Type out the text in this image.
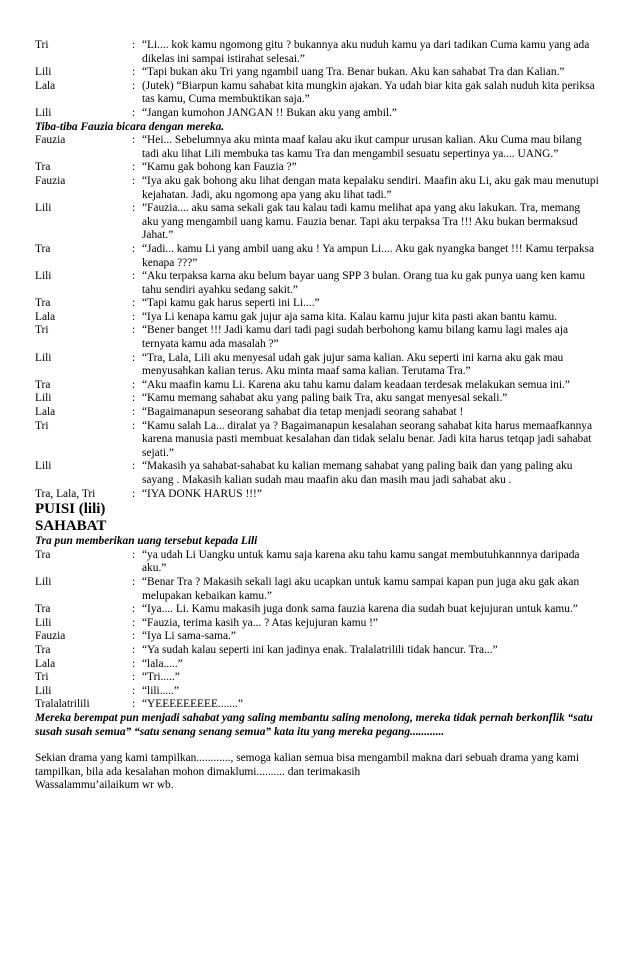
Tri	: “Li.... kok kamu ngomong gitu ? bukannya aku nuduh kamu ya dari tadikan Cuma kamu yang ada dikelas ini sampai istirahat selesai.”
Lili	: “Tapi bukan aku Tri yang ngambil uang Tra. Benar bukan. Aku kan sahabat Tra dan Kalian.”
Lala	: (Jutek) “Biarpun kamu sahabat kita mungkin ajakan. Ya udah biar kita gak salah nuduh kita periksa tas kamu, Cuma membuktikan saja.”
Lili	: “Jangan kumohon JANGAN !! Bukan aku yang ambil.”
Tiba-tiba Fauzia bicara dengan mereka.
Fauzia	: “Hei... Sebelumnya aku minta maaf kalau aku ikut campur urusan kalian. Aku Cuma mau bilang tadi aku lihat Lili membuka tas kamu Tra dan mengambil sesuatu sepertinya ya.... UANG.”
Tra	: “Kamu gak bohong kan Fauzia ?”
Fauzia	: “Iya aku gak bohong aku lihat dengan mata kepalaku sendiri. Maafin aku Li, aku gak mau menutupi kejahatan. Jadi, aku ngomong apa yang aku lihat tadi.”
Lili	: ”Fauzia.... aku sama sekali gak tau kalau tadi kamu melihat apa yang aku lakukan. Tra, memang aku yang mengambil uang kamu. Fauzia benar. Tapi aku terpaksa Tra !!! Aku bukan bermaksud Jahat.”
Tra	: “Jadi... kamu Li yang ambil uang aku ! Ya ampun Li.... Aku gak nyangka banget !!! Kamu terpaksa kenapa ???”
Lili	: “Aku terpaksa karna aku belum bayar uang SPP 3 bulan. Orang tua ku gak punya uang ken kamu tahu sendiri ayahku sedang sakit.”
Tra	: “Tapi kamu gak harus seperti ini Li....”
Lala	: “Iya Li kenapa kamu gak jujur aja sama kita. Kalau kamu jujur kita pasti akan bantu kamu.
Tri	: “Bener banget !!! Jadi kamu dari tadi pagi sudah berbohong kamu bilang kamu lagi males aja ternyata kamu ada masalah ?”
Lili	: “Tra, Lala, Lili aku menyesal udah gak jujur sama kalian. Aku seperti ini karna aku gak mau menyusahkan kalian terus. Aku minta maaf sama kalian. Terutama Tra.”
Tra	: “Aku maafin kamu Li. Karena aku tahu kamu dalam keadaan terdesak melakukan semua ini.”
Lili	: “Kamu memang sahabat aku yang paling baik Tra, aku sangat menyesal sekali.”
Lala	: “Bagaimanapun seseorang sahabat dia tetap menjadi seorang sahabat !
Tri	: “Kamu salah La... diralat ya ? Bagaimanapun kesalahan seorang sahabat kita harus memaafkannya karena manusia pasti membuat kesalahan dan tidak selalu benar. Jadi kita harus tetqap jadi sahabat sejati.”
Lili	: “Makasih ya sahabat-sahabat ku kalian memang sahabat yang paling baik dan yang paling aku sayang . Makasih kalian sudah mau maafin aku dan masih mau jadi sahabat aku .
Tra, Lala, Tri	: “IYA DONK HARUS !!!”
PUISI (lili)
SAHABAT
Tra pun memberikan uang tersebut kepada Lili
Tra	: “ya udah Li Uangku untuk kamu saja karena aku tahu kamu sangat membutuhkannnya daripada aku.”
Lili	: “Benar Tra ? Makasih sekali lagi aku ucapkan untuk kamu sampai kapan pun juga aku gak akan melupakan kebaikan kamu.”
Tra	: “Iya.... Li. Kamu makasih juga donk sama fauzia karena dia sudah buat kejujuran untuk kamu.”
Lili	: “Fauzia, terima kasih ya... ? Atas kejujuran kamu !”
Fauzia	: “Iya Li sama-sama.”
Tra	: “Ya sudah kalau seperti ini kan jadinya enak. Tralalatrilili tidak hancur. Tra...”
Lala	: “lala.....”
Tri	: “Tri.....”
Lili	: “lili.....”
Tralalatrilili	: “YEEEEEEEEE.......”
Mereka berempat pun menjadi sahabat yang saling membantu saling menolong, mereka tidak pernah berkonflik “satu susah susah semua” “satu senang senang semua” kata itu yang mereka pegang............
Sekian drama yang kami tampilkan............, semoga kalian semua bisa mengambil makna dari sebuah drama yang kami tampilkan, bila ada kesalahan mohon dimaklumi.......... dan terimakasih
Wassalammu’ailaikum wr wb.
